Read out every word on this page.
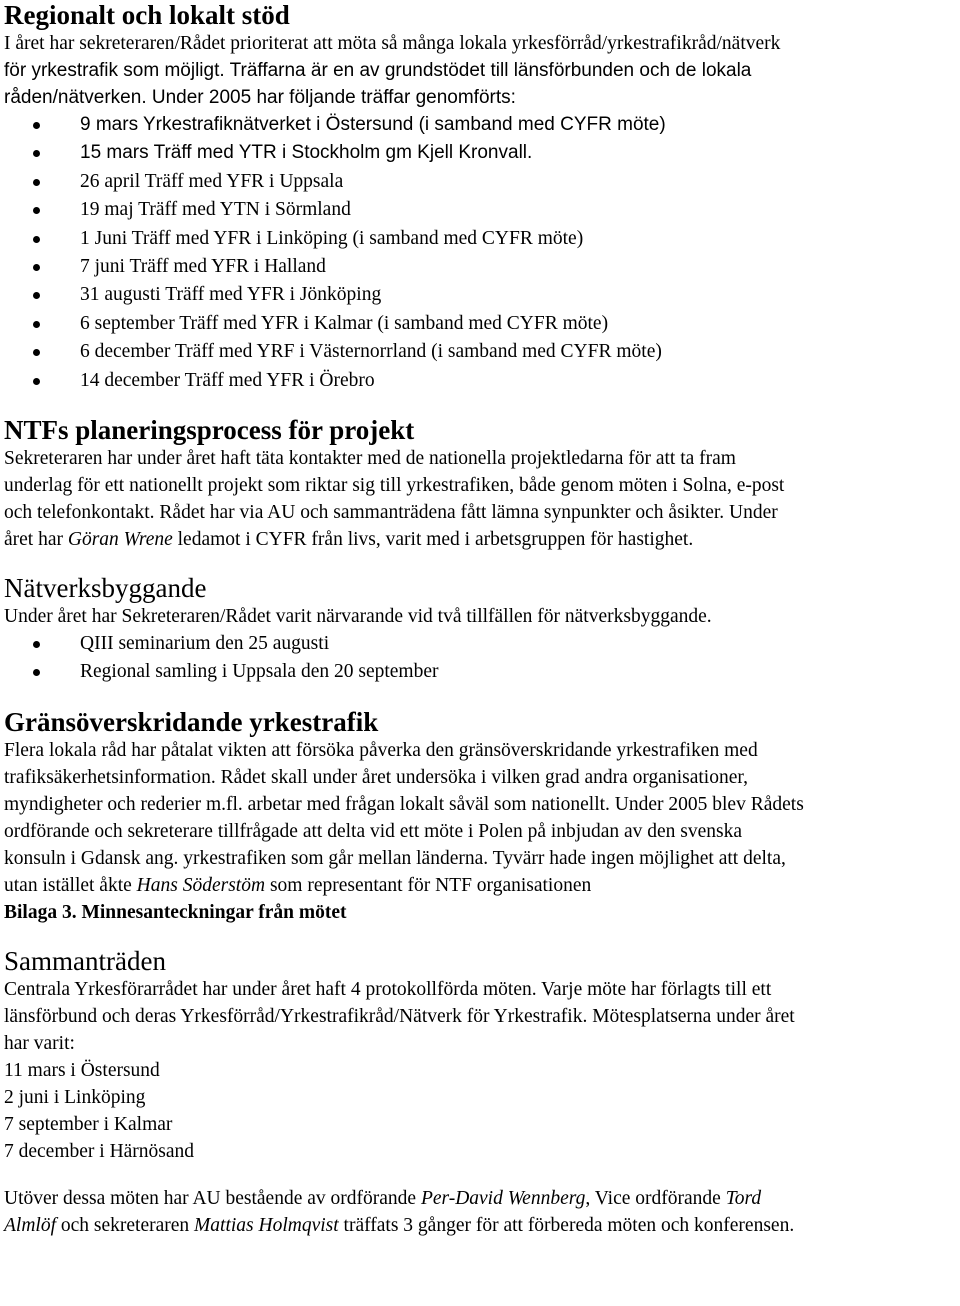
Regionalt och lokalt stöd

I året har sekreteraren/Rådet prioriterat att möta så många lokala yrkesförråd/yrkestrafikråd/nätverk
för yrkestrafik som möjligt. Träffarna är en av grundstödet till länsförbunden och de lokala
råden/nätverken. Under 2005 har följande träffar genomförts:

9 mars Yrkestrafiknätverket i Östersund (i samband med CYFR möte)
15 mars Träff med YTR i Stockholm gm Kjell Kronvall.
26 april Träff med YFR i Uppsala
19 maj Träff med YTN i Sörmland
1 Juni Träff med YFR i Linköping (i samband med CYFR möte)
7 juni Träff med YFR i Halland
31 augusti Träff med YFR i Jönköping
6 september Träff med YFR i Kalmar (i samband med CYFR möte)
6 december Träff med YRF i Västernorrland (i samband med CYFR möte)
14 december Träff med YFR i Örebro
NTFs planeringsprocess för projekt

Sekreteraren har under året haft täta kontakter med de nationella projektledarna för att ta fram
underlag för ett nationellt projekt som riktar sig till yrkestrafiken, både genom möten i Solna, e-post
och telefonkontakt. Rådet har via AU och sammanträdena fått lämna synpunkter och åsikter. Under
året har Göran Wrene ledamot i CYFR från livs, varit med i arbetsgruppen för hastighet.

Nätverksbyggande

Under året har Sekreteraren/Rådet varit närvarande vid två tillfällen för nätverksbyggande.

QIII seminarium den 25 augusti
Regional samling i Uppsala den 20 september
Gränsöverskridande yrkestrafik

Flera lokala råd har påtalat vikten att försöka påverka den gränsöverskridande yrkestrafiken med
trafiksäkerhetsinformation. Rådet skall under året undersöka i vilken grad andra organisationer,
myndigheter och rederier m.fl. arbetar med frågan lokalt såväl som nationellt. Under 2005 blev Rådets
ordförande och sekreterare tillfrågade att delta vid ett möte i Polen på inbjudan av den svenska
konsuln i Gdansk ang. yrkestrafiken som går mellan länderna. Tyvärr hade ingen möjlighet att delta,
utan istället åkte Hans Söderstöm som representant för NTF organisationen
Bilaga 3. Minnesanteckningar från mötet

Sammanträden

Centrala Yrkesförarrådet har under året haft 4 protokollförda möten. Varje möte har förlagts till ett
länsförbund och deras Yrkesförråd/Yrkestrafikråd/Nätverk för Yrkestrafik. Mötesplatserna under året
har varit:
11 mars i Östersund
2 juni i Linköping
7 september i Kalmar
7 december i Härnösand

Utöver dessa möten har AU bestående av ordförande Per-David Wennberg, Vice ordförande Tord
Almlöf och sekreteraren Mattias Holmqvist träffats 3 gånger för att förbereda möten och konferensen.
